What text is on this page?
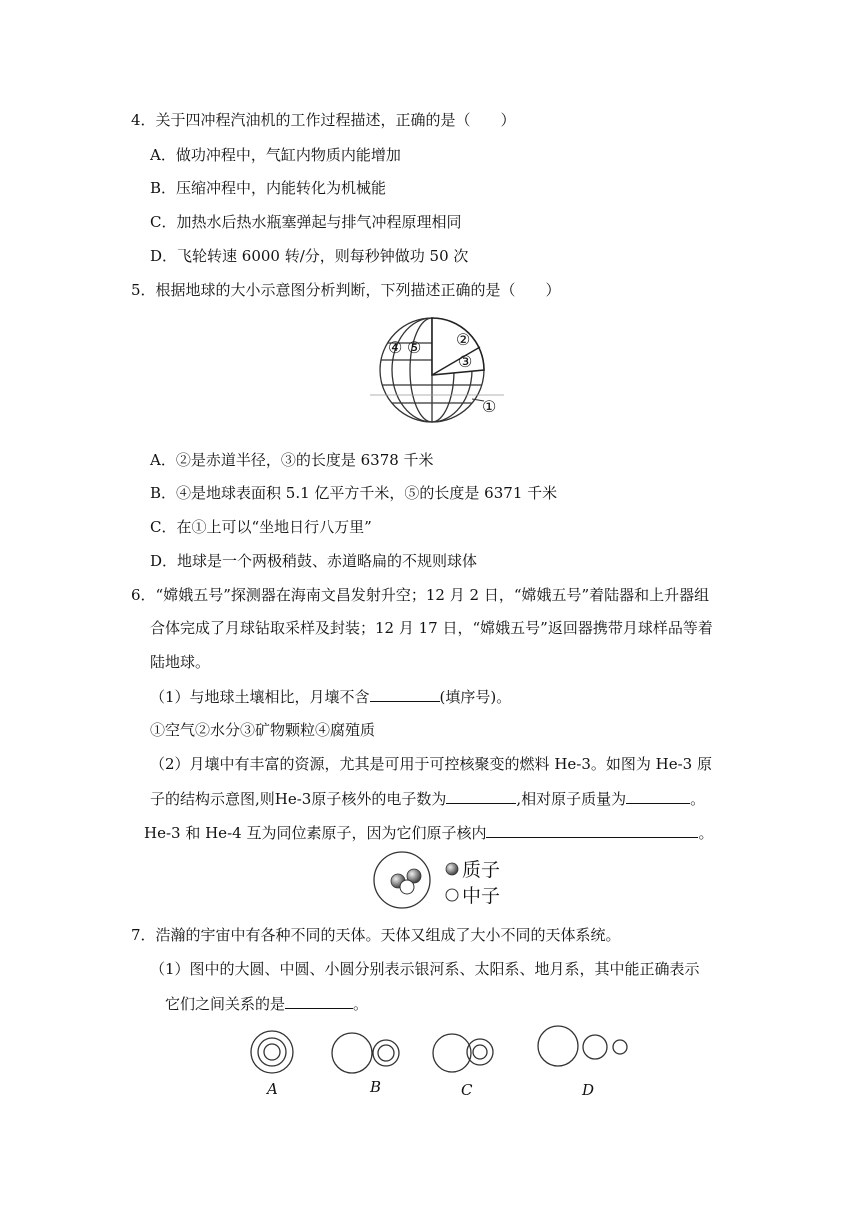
4．关于四冲程汽油机的工作过程描述，正确的是（　　）
A．做功冲程中，气缸内物质内能增加
B．压缩冲程中，内能转化为机械能
C．加热水后热水瓶塞弹起与排气冲程原理相同
D．飞轮转速 6000 转/分，则每秒钟做功 50 次
5．根据地球的大小示意图分析判断，下列描述正确的是（　　）
②
③
④ ⑤
①
A．②是赤道半径，③的长度是 6378 千米
B．④是地球表面积 5.1 亿平方千米，⑤的长度是 6371 千米
C．在①上可以“坐地日行八万里”
D．地球是一个两极稍鼓、赤道略扁的不规则球体
6．“嫦娥五号”探测器在海南文昌发射升空；12 月 2 日，“嫦娥五号”着陆器和上升器组
合体完成了月球钻取采样及封装；12 月 17 日，“嫦娥五号”返回器携带月球样品等着
陆地球。
（1）与地球土壤相比，月壤不含	(填序号)。
①空气②水分③矿物颗粒④腐殖质
（2）月壤中有丰富的资源，尤其是可用于可控核聚变的燃料 He-3。如图为 He-3 原
子的结构示意图,则He-3原子核外的电子数为	,相对原子质量为	。
He-3 和 He-4 互为同位素原子，因为它们原子核内	。
质子
中子
7．浩瀚的宇宙中有各种不同的天体。天体又组成了大小不同的天体系统。
（1）图中的大圆、中圆、小圆分别表示银河系、太阳系、地月系，其中能正确表示
它们之间关系的是	。
A	B	C	D
